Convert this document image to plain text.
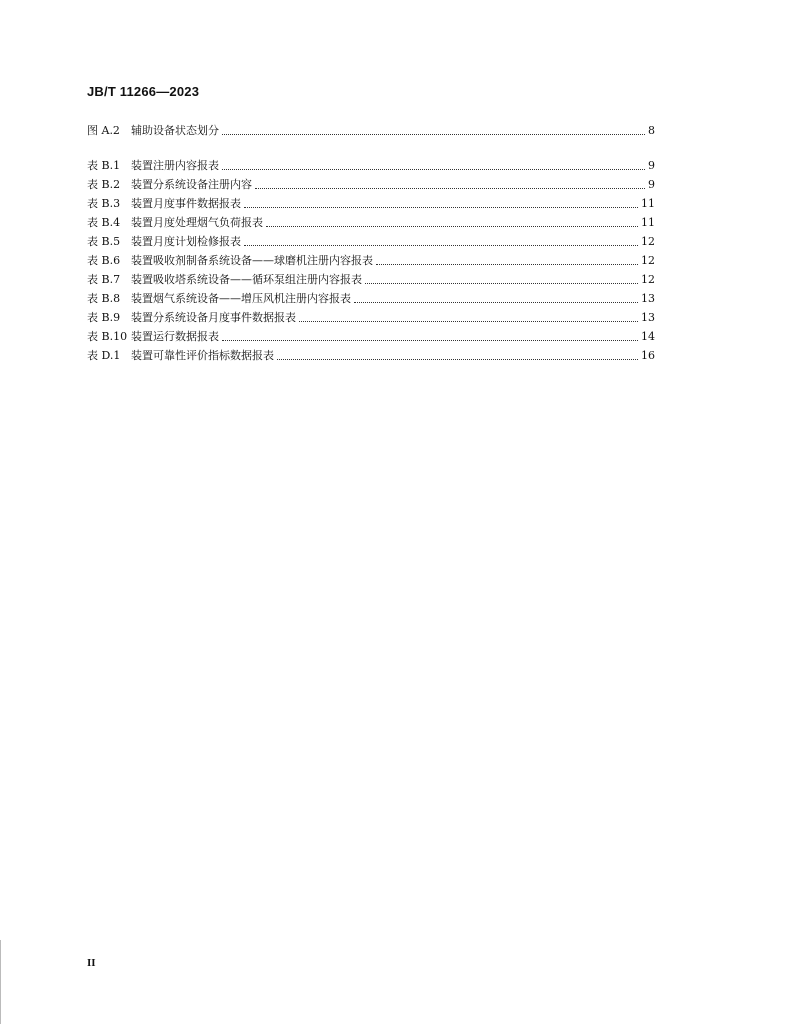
JB/T 11266—2023
图 A.2	辅助设备状态划分	8
表 B.1 装置注册内容报表	9
表 B.2 装置分系统设备注册内容	9
表 B.3 装置月度事件数据报表	11
表 B.4 装置月度处理烟气负荷报表	11
表 B.5 装置月度计划检修报表	12
表 B.6 装置吸收剂制备系统设备——球磨机注册内容报表	12
表 B.7 装置吸收塔系统设备——循环泵组注册内容报表	12
表 B.8 装置烟气系统设备——增压风机注册内容报表	13
表 B.9 装置分系统设备月度事件数据报表	13
表 B.10 装置运行数据报表	14
表 D.1 装置可靠性评价指标数据报表	16
II
